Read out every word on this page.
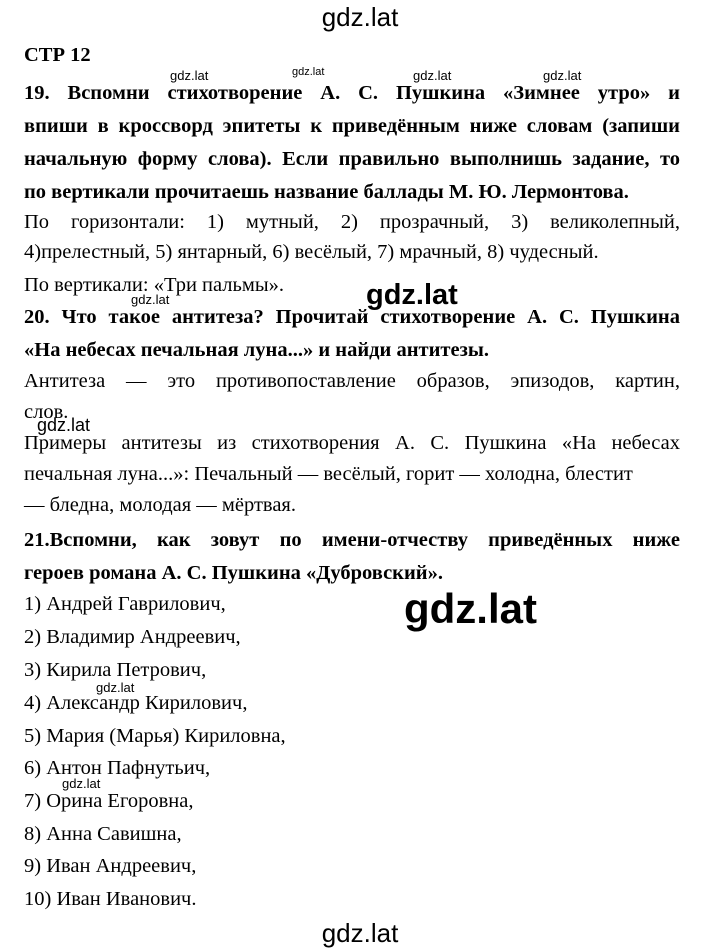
gdz.lat
gdz.lat	gdz.lat	gdz.lat	gdz.lat
gdz.lat	gdz.lat
gdz.lat
gdz.lat
gdz.lat
gdz.lat
gdz.lat
СТР 12
19. Вспомни стихотворение А. С. Пушкина «Зимнее утро» и
впиши в кроссворд эпитеты к приведённым ниже словам (запиши
начальную форму слова). Если правильно выполнишь задание, то
по вертикали прочитаешь название баллады М. Ю. Лермонтова.
По горизонтали: 1) мутный, 2) прозрачный, 3) великолепный,
4)прелестный, 5) янтарный, 6) весёлый, 7) мрачный, 8) чудесный.
По вертикали: «Три пальмы».
20. Что такое антитеза? Прочитай стихотворение А. С. Пушкина
«На небесах печальная луна...» и найди антитезы.
Антитеза — это противопоставление образов, эпизодов, картин,
слов.
Примеры антитезы из стихотворения А. С. Пушкина «На небесах
печальная луна...»: Печальный — весёлый, горит — холодна, блестит
— бледна, молодая — мёртвая.
21.Вспомни, как зовут по имени-отчеству приведённых ниже
героев романа А. С. Пушкина «Дубровский».
1) Андрей Гаврилович,
2) Владимир Андреевич,
3) Кирила Петрович,
4) Александр Кирилович,
5) Мария (Марья) Кириловна,
6) Антон Пафнутьич,
7) Орина Егоровна,
8) Анна Савишна,
9) Иван Андреевич,
10) Иван Иванович.
